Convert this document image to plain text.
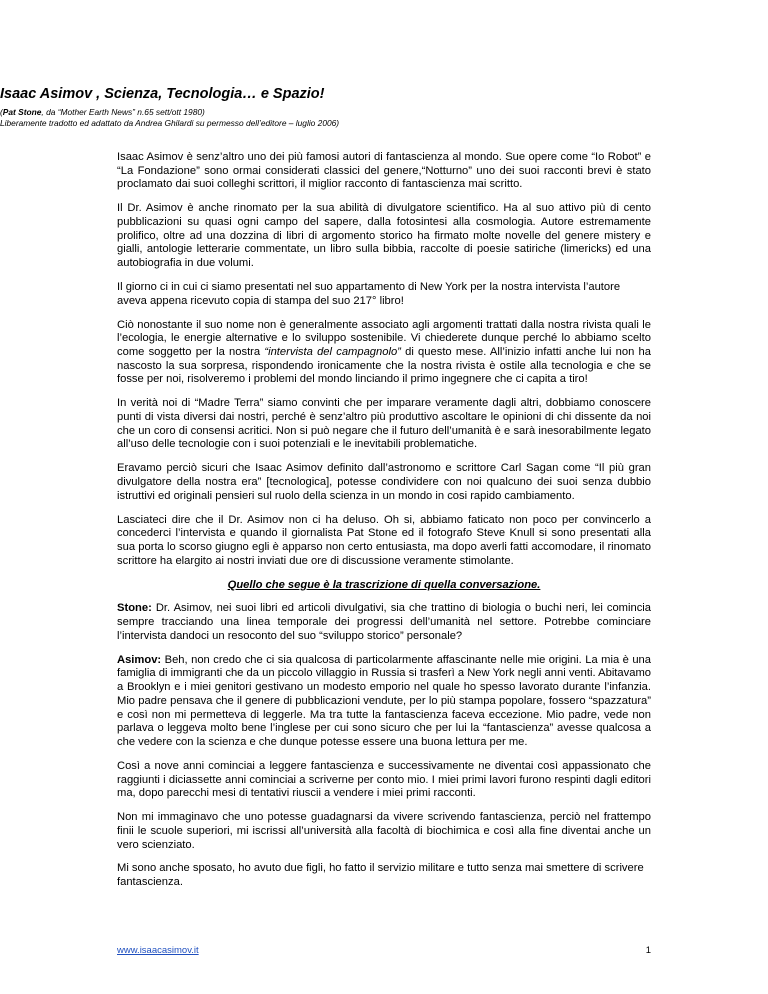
Isaac Asimov , Scienza, Tecnologia… e Spazio!

(Pat Stone, da “Mother Earth News” n.65 sett/ott 1980)

Liberamente tradotto ed adattato da Andrea Ghilardi su permesso dell’editore – luglio 2006)

Isaac Asimov è senz’altro uno dei più famosi autori di fantascienza al mondo. Sue opere come “Io Robot” e “La Fondazione” sono ormai considerati classici del genere,“Notturno” uno dei suoi racconti brevi è stato proclamato dai suoi colleghi scrittori, il miglior racconto di fantascienza mai scritto.

Il Dr. Asimov è anche rinomato per la sua abilità di divulgatore scientifico. Ha al suo attivo più di cento pubblicazioni su quasi ogni campo del sapere, dalla fotosintesi alla cosmologia. Autore estremamente prolifico, oltre ad una dozzina di libri di argomento storico ha firmato molte novelle del genere mistery e gialli, antologie letterarie commentate, un libro sulla bibbia, raccolte di poesie satiriche (limericks) ed una autobiografia in due volumi.

Il giorno ci in cui ci siamo presentati nel suo appartamento di New York per la nostra intervista l’autore aveva appena ricevuto copia di stampa del suo 217° libro!

Ciò nonostante il suo nome non è generalmente associato agli argomenti trattati dalla nostra rivista quali le l’ecologia, le energie alternative e lo sviluppo sostenibile. Vi chiederete dunque perché lo abbiamo scelto come soggetto per la nostra “intervista del campagnolo” di questo mese. All’inizio infatti anche lui non ha nascosto la sua sorpresa, rispondendo ironicamente che la nostra rivista è ostile alla tecnologia e che se fosse per noi, risolveremo i problemi del mondo linciando il primo ingegnere che ci capita a tiro!

In verità noi di “Madre Terra” siamo convinti che per imparare veramente dagli altri, dobbiamo conoscere punti di vista diversi dai nostri, perché è senz’altro più produttivo ascoltare le opinioni di chi dissente da noi che un coro di consensi acritici. Non si può negare che il futuro dell’umanità è e sarà inesorabilmente legato all’uso delle tecnologie con i suoi potenziali e le inevitabili problematiche.

Eravamo perciò sicuri che Isaac Asimov definito dall’astronomo e scrittore Carl Sagan come “Il più gran divulgatore della nostra era” [tecnologica], potesse condividere con noi qualcuno dei suoi senza dubbio istruttivi ed originali pensieri sul ruolo della scienza in un mondo in cosi rapido cambiamento.

Lasciateci dire che il Dr. Asimov non ci ha deluso. Oh si, abbiamo faticato non poco per convincerlo a concederci l’intervista e quando il giornalista Pat Stone ed il fotografo Steve Knull si sono presentati alla sua porta lo scorso giugno egli è apparso non certo entusiasta, ma dopo averli fatti accomodare, il rinomato scrittore ha elargito ai nostri inviati due ore di discussione veramente stimolante.

Quello che segue è la trascrizione di quella conversazione.

Stone: Dr. Asimov, nei suoi libri ed articoli divulgativi, sia che trattino di biologia o buchi neri, lei comincia sempre tracciando una linea temporale dei progressi dell’umanità nel settore. Potrebbe cominciare l’intervista dandoci un resoconto del suo “sviluppo storico” personale?

Asimov: Beh, non credo che ci sia qualcosa di particolarmente affascinante nelle mie origini. La mia è una famiglia di immigranti che da un piccolo villaggio in Russia si trasferì a New York negli anni venti. Abitavamo a Brooklyn e i miei genitori gestivano un modesto emporio nel quale ho spesso lavorato durante l’infanzia. Mio padre pensava che il genere di pubblicazioni vendute, per lo più stampa popolare, fossero “spazzatura” e così non mi permetteva di leggerle. Ma tra tutte la fantascienza faceva eccezione. Mio padre, vede non parlava o leggeva molto bene l’inglese per cui sono sicuro che per lui la “fantascienza” avesse qualcosa a che vedere con la scienza e che dunque potesse essere una buona lettura per me.

Così a nove anni cominciai a leggere fantascienza e successivamente ne diventai così appassionato che raggiunti i diciassette anni cominciai a scriverne per conto mio. I miei primi lavori furono respinti dagli editori ma, dopo parecchi mesi di tentativi riuscii a vendere i miei primi racconti.

Non mi immaginavo che uno potesse guadagnarsi da vivere scrivendo fantascienza, perciò nel frattempo finii le scuole superiori, mi iscrissi all’università alla facoltà di biochimica e così alla fine diventai anche un vero scienziato.

Mi sono anche sposato, ho avuto due figli, ho fatto il servizio militare e tutto senza mai smettere di scrivere fantascienza.

www.isaacasimov.it	1
